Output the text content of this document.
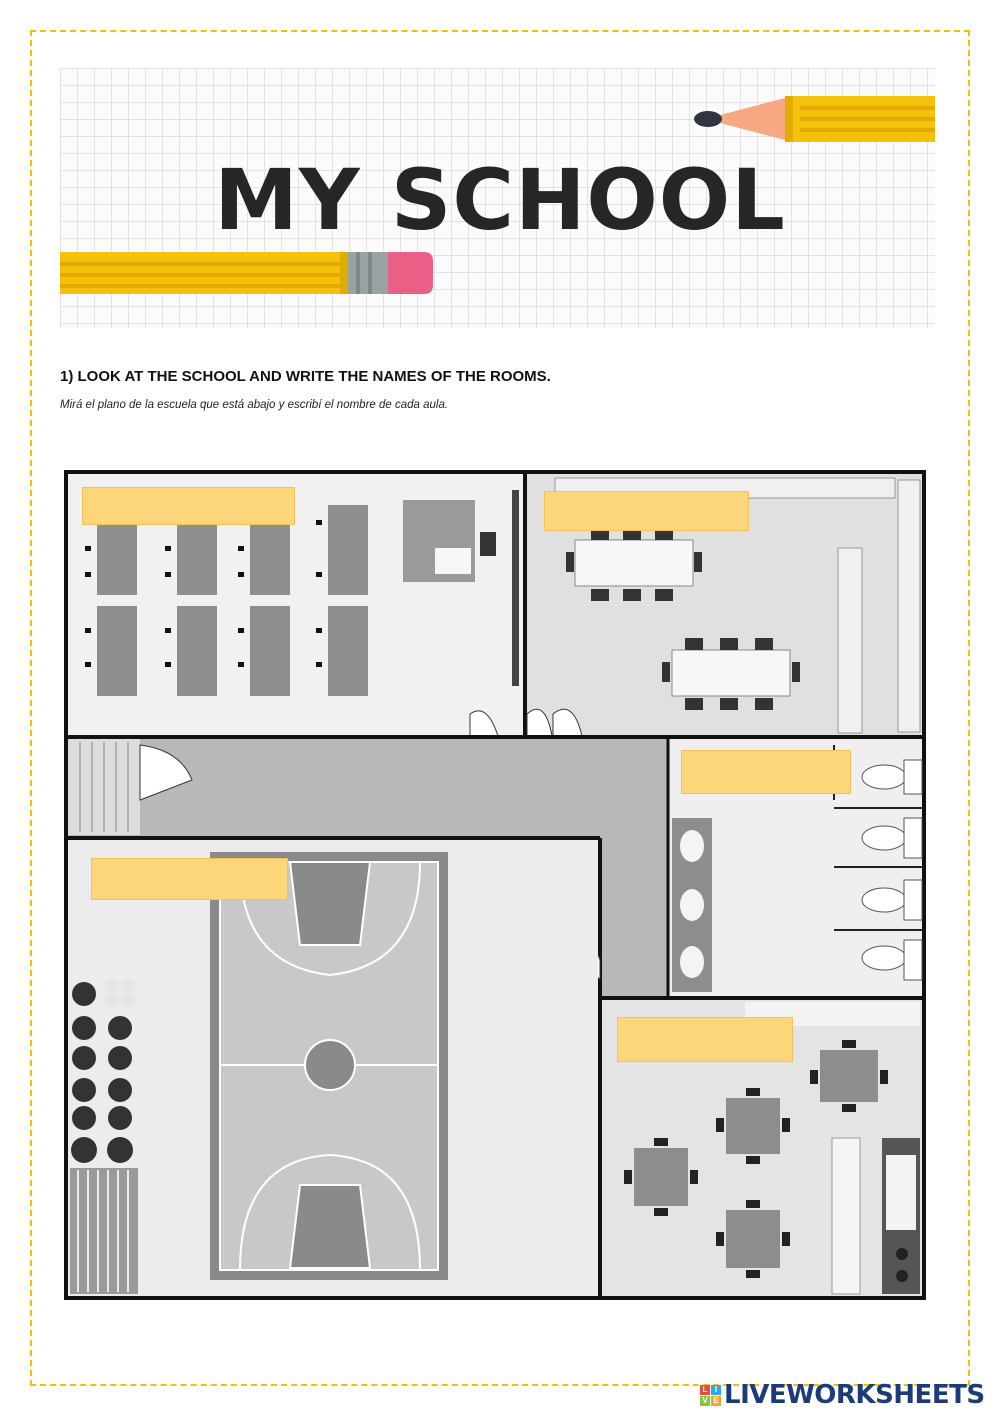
MY SCHOOL
1) LOOK AT THE SCHOOL AND WRITE THE NAMES OF THE ROOMS.
Mirá el plano de la escuela que está abajo y escribí el nombre de cada aula.
L I
V E LIVEWORKSHEETS
